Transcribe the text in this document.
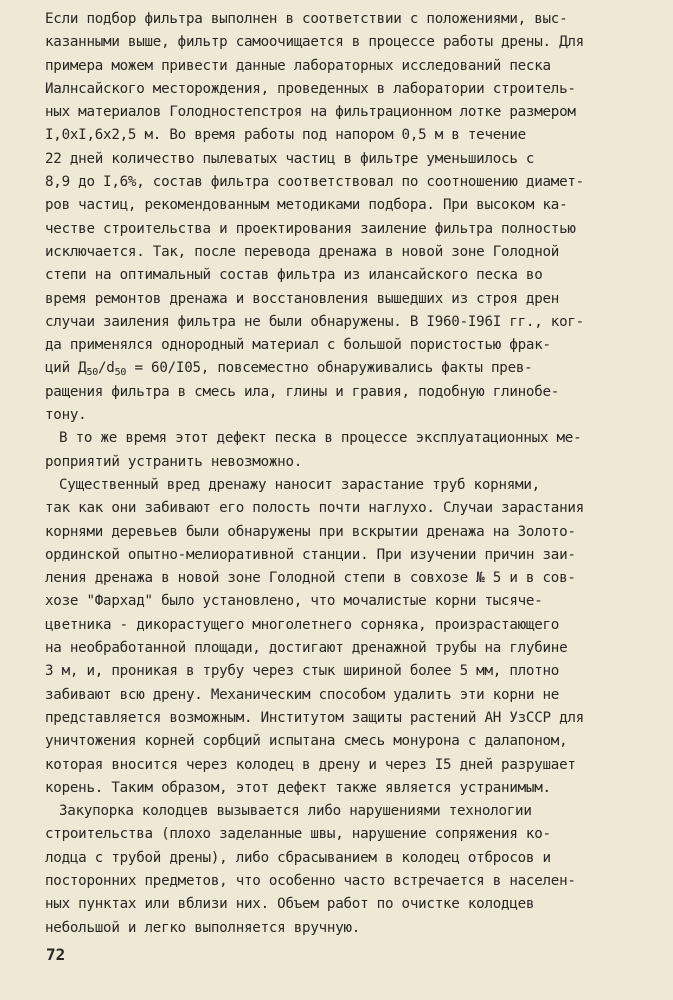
Если подбор фильтра выполнен в соответствии с положениями, выс-
казанными выше, фильтр самоочищается в процессе работы дрены. Для
примера можем привести данные лабораторных исследований песка
Иалнсайского месторождения, проведенных в лаборатории строитель-
ных материалов Голодностепстроя на фильтрационном лотке размером
I,0xI,6x2,5 м. Во время работы под напором 0,5 м в течение
22 дней количество пылеватых частиц в фильтре уменьшилось с
8,9 до I,6%, состав фильтра соответствовал по соотношению диамет-
ров частиц, рекомендованным методиками подбора. При высоком ка-
честве строительства и проектирования заиление фильтра полностью
исключается. Так, после перевода дренажа в новой зоне Голодной
степи на оптимальный состав фильтра из илансайского песка во
время ремонтов дренажа и восстановления вышедших из строя дрен
случаи заиления фильтра не были обнаружены. В I960-I96I гг., ког-
да применялся однородный материал с большой пористостью фрак-
ций $Д_{50}/d_{50} = 60/I05$, повсеместно обнаруживались факты прев-
ращения фильтра в смесь ила, глины и гравия, подобную глинобе-
тону.
В то же время этот дефект песка в процессе эксплуатационных ме-
роприятий устранить невозможно.
Существенный вред дренажу наносит зарастание труб корнями,
так как они забивают его полость почти наглухо. Случаи зарастания
корнями деревьев были обнаружены при вскрытии дренажа на Золото-
ординской опытно-мелиоративной станции. При изучении причин заи-
ления дренажа в новой зоне Голодной степи в совхозе № 5 и в сов-
хозе "Фархад" было установлено, что мочалистые корни тысяче-
цветника - дикорастущего многолетнего сорняка, произрастающего
на необработанной площади, достигают дренажной трубы на глубине
3 м, и, проникая в трубу через стык шириной более 5 мм, плотно
забивают всю дрену. Механическим способом удалить эти корни не
представляется возможным. Институтом защиты растений АН УзССР для
уничтожения корней сорбций испытана смесь монурона с далапоном,
которая вносится через колодец в дрену и через I5 дней разрушает
корень. Таким образом, этот дефект также является устранимым.
Закупорка колодцев вызывается либо нарушениями технологии
строительства (плохо заделанные швы, нарушение сопряжения ко-
лодца с трубой дрены), либо сбрасыванием в колодец отбросов и
посторонних предметов, что особенно часто встречается в населен-
ных пунктах или вблизи них. Объем работ по очистке колодцев
небольшой и легко выполняется вручную.
72
